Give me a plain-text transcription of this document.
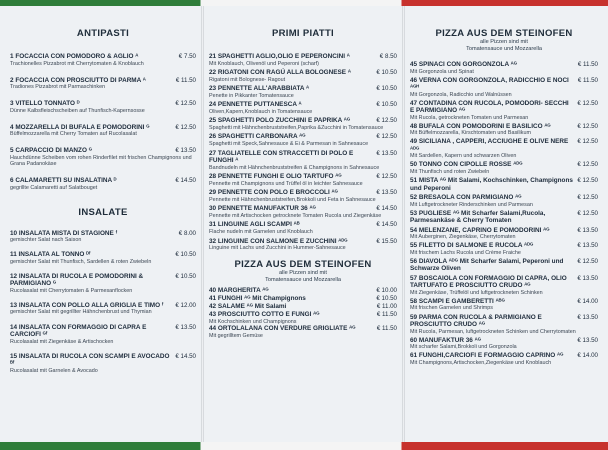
ANTIPASTI
1 FOCACCIA CON POMODORO & AGLIO ᴬ	€ 7.50
Trachionelles Pizzabrot mit Cherrytomaten & Knoblauch
2 FOCACCIA CON PROSCIUTTO DI PARMA ᴬ	€ 11.50
Tradiones Pizzabrot mit Parmaschinken
3 VITELLO TONNATO ᴰ	€ 12.50
Dünne Kalbsfleischscheiben auf Thunfisch-Kapernsosse
4 MOZZARELLA DI BUFALA E POMODORINI ᴳ	€ 12.50
Büffelmozzarella mit Cherry Tomaten auf Rucolasalat
5 CARPACCIO DI MANZO ᴳ	€ 13.50
Hauchdünne Scheiben vom rohen Rinderfilet mit frischen Champignons und Grana Padanokäse
6 CALAMARETTI SU INSALATINA ᴰ	€ 14.50
gegrillte Calamaretti auf Salatbouget
INSALATE
10 INSALATA MISTA DI STAGIONE ᶠ	€ 8.00
gemischter Salat nach Saison
11 INSALATA AL TONNO ᴰᶠ	€ 10.50
gemischter Salat mit Thunfisch, Sardellen & roten Zwiebeln
12 INSALATA DI RUCOLA E POMODORINI & PARMIGIANO ᴳ
€ 10.50
Rucolasalat mit Cherrytomaten & Parmesanflocken
13 INSALATA CON POLLO ALLA GRIGLIA E TIMO ᶠ	€ 12.00
gemischter Salat mit gegrillter Hähnchenbrust und Thymian
14 INSALATA CON FORMAGGIO DI CAPRA E CARCIOFI ᴳᶠ
€ 13.50
Rucolasalat mit Ziegenkäse & Artischocken
15 INSALATA DI RUCOLA CON SCAMPI E AVOCADO ᴮᶠ
€ 14.50
Rucolasalat mit Garnelen & Avocado
PRIMI PIATTI
21 SPAGHETTI AGLIO,OLIO E PEPERONCINI ᴬ	€ 8.50
Mit Knoblauch, Olivenöl und Peperoni (scharf)
22 RIGATONI CON RAGÚ ALLA BOLOGNESE ᴬ	€ 10.50
Rigatoni mit Bolognese- Ragout
23 PENNETTE ALL'ARABBIATA ᴬ	€ 10.50
Penette in Pikkanter Tomatensauce
24 PENNETTE PUTTANESCA ᴬ	€ 10.50
Oliven,Kapern,Knoblauch in Tomatensauce
25 SPAGHETTI POLO ZUCCHINI E PAPRIKA ᴬᴳ	€ 12.50
Spaghetti mit Hähnchenbruststreifen,Paprika &Zucchini in Tomatensauce
26 SPAGHETTI CARBONARA ᴬᴳ	€ 12.50
Spaghetti mit Speck,Sahnesauce & Ei & Parmesan in Sahnesauce
27 TAGLIATELLE CON STRACCETTI DI POLO E FUNGHI ᴬ
€ 13.50
Bandnudeln mit Hähnchenbruststreifen & Champignons in Sahnesauce
28 PENNETTE FUNGHI E OLIO TARTUFO ᴬᴳ	€ 12.50
Pennette mit Champignons und Trüffel öl in leichter Sahnesauce
29 PENNETTE CON POLO E BROCCOLI ᴬᴳ	€ 13.50
Pennette mit Hähnchenbruststreifen,Brokkoli und Feta in Sahnesauce
30 PENNETTE MANUFAKTUR 36 ᴬᴳ	€ 14.50
Pennette mit Artischocken getrocknete Tomaten Rucola und Ziegenkäse
31 LINGUINE AGLI SCAMPI ᴬᴮ	€ 14.50
Flache nudeln mit Garnelen und Knoblauch
32 LINGUINE CON SALMONE E ZUCCHINI ᴬᴰᴳ	€ 15.50
Linguine mit Lachs und Zucchini in Hummer-Sahnesauce
PIZZA AUS DEM STEINOFEN
alle Pizzen sind mit
Tomatensauce und Mozzarella
40 MARGHERITA ᴬᴳ	€ 10.00
41 FUNGHI ᴬᴳ Mit Champignons	€ 10.50
42 SALAME ᴬᴳ Mit Salami	€ 11.00
43 PROSCIUTTO COTTO E FUNGI ᴬᴳ	€ 11.50
Mit Kochschinken und Champignons
44 ORTOLALANA CON VERDURE GRIGLIATE ᴬᴳ	€ 11.50
Mit gegrilltem Gemüse
PIZZA AUS DEM STEINOFEN
alle Pizzen sind mit
Tomatensauce und Mozzarella
45 SPINACI CON GORGONZOLA ᴬᴳ	€ 11.50
Mit Gorgonzola und Spinat
46 VERNA CON GORGONZOLA, RADICCHIO E NOCI ᴬᴳᴴ
€ 11.50
Mit Gorgonzola, Radicchio und Walnüssen
47 CONTADINA CON RUCOLA, POMODORI- SECCHI E PARMIGIANO ᴬᴳ
€ 12.50
Mit Rucola, getrockneten Tomaten und Parmesan
48 BUFALA CON POMODORINI E BASILICO ᴬᴳ	€ 12.50
Mit Büffelmozzarella, Kirschtomaten und Basilikum
49 SICILIANA , CAPPERI, ACCIUGHE E OLIVE NERE ᴬᴰᴳ
€ 12.50
Mit Sardellen, Kapern und schwarzen Oliven
50 TONNO CON CIPOLLE ROSSE ᴬᴰᴳ	€ 12.50
Mit Thunfisch und roten Zwiebeln
51 MISTA ᴬᴳ Mit Salami, Kochschinken, Champignons und Peperoni
€ 12.50
52 BRESAOLA CON PARMIGIANO ᴬᴳ	€ 12.50
Mit Luftgetrockneter Rinderschinken und Parmesan
53 PUGLIESE ᴬᴳ Mit Scharfer Salami,Rucola, Parmesankäse & Cherry Tomaten
€ 12.50
54 MELENZANE, CAPRINO E POMODORINI ᴬᴳ	€ 13.50
Mit Auberginen, Ziegenkäse, Cherrytomaten
55 FILETTO DI SALMONE E RUCOLA ᴬᴰᴳ	€ 13.50
Mit frischem Lachs Rucola und Crème Fraiche
56 DIAVOLA ᴬᴰᴳ Mit Scharfer Salami, Peperoni und Schwarze Oliven
€ 12.50
57 BOSCAIOLA CON FORMAGGIO DI CAPRA, OLIO TARTUFATO E PROSCIUTTO CRUDO ᴬᴳ
€ 13.50
Mit Ziegenkäse, Trüffelöl und luftgetrockneten Schinken
58 SCAMPI E GAMBERETTI ᴬᴮᴳ	€ 14.00
Mit frischen Garnelen und Shrimps
59 PARMA CON RUCOLA & PARMIGIANO E PROSCIUTTO CRUDO ᴬᴳ
€ 13.50
Mit Rucola, Parmesan, luftgetrockneten Schinken und Cherrytomaten
60 MANUFAKTUR 36 ᴬᴳ	€ 13.50
Mit scharfer Salami,Brokkoli und Gorgonzola
61 FUNGHI,CARCIOFI E FORMAGGIO CAPRINO ᴬᴳ	€ 14.00
Mit Champignons,Artischocken,Ziegenkäse und Knoblauch
